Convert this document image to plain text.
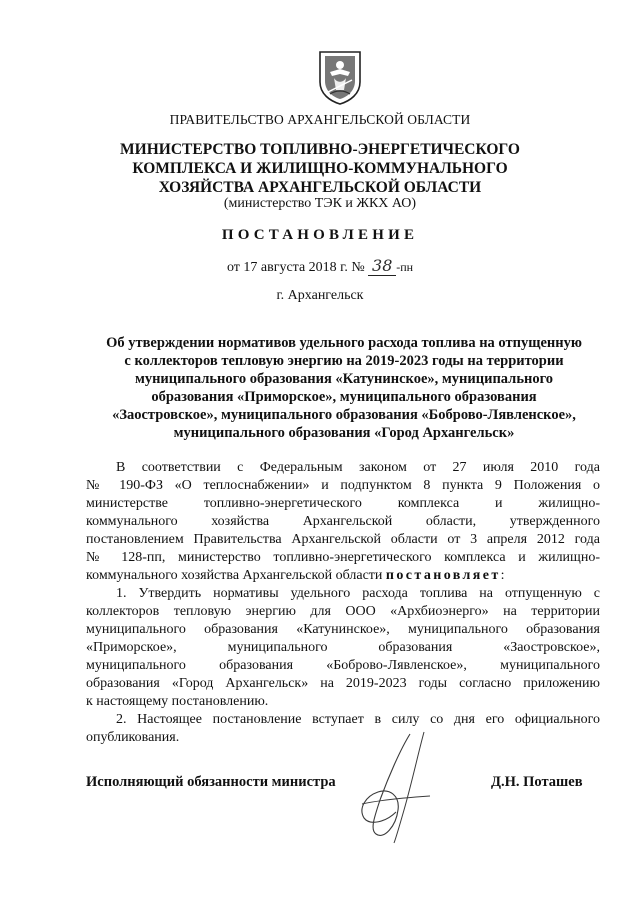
ПРАВИТЕЛЬСТВО АРХАНГЕЛЬСКОЙ ОБЛАСТИ
МИНИСТЕРСТВО ТОПЛИВНО-ЭНЕРГЕТИЧЕСКОГО
КОМПЛЕКСА И ЖИЛИЩНО-КОММУНАЛЬНОГО
ХОЗЯЙСТВА АРХАНГЕЛЬСКОЙ ОБЛАСТИ
(министерство ТЭК и ЖКХ АО)
ПОСТАНОВЛЕНИЕ
от 17 августа 2018 г. № 38 -пн
г. Архангельск
Об утверждении нормативов удельного расхода топлива на отпущенную
с коллекторов тепловую энергию на 2019-2023 годы на территории
муниципального образования «Катунинское», муниципального
образования «Приморское», муниципального образования
«Заостровское», муниципального образования «Боброво-Лявленское»,
муниципального образования «Город Архангельск»
В соответствии с Федеральным законом от 27 июля 2010 года
№ 190-ФЗ «О теплоснабжении» и подпунктом 8 пункта 9 Положения о
министерстве топливно-энергетического комплекса и жилищно-
коммунального хозяйства Архангельской области, утвержденного
постановлением Правительства Архангельской области от 3 апреля 2012 года
№ 128-пп, министерство топливно-энергетического комплекса и жилищно-
коммунального хозяйства Архангельской области постановляет:
1. Утвердить нормативы удельного расхода топлива на отпущенную с
коллекторов тепловую энергию для ООО «Архбиоэнерго» на территории
муниципального образования «Катунинское», муниципального образования
«Приморское», муниципального образования «Заостровское»,
муниципального образования «Боброво-Лявленское», муниципального
образования «Город Архангельск» на 2019-2023 годы согласно приложению
к настоящему постановлению.
2. Настоящее постановление вступает в силу со дня его официального
опубликования.
Исполняющий обязанности министра	Д.Н. Поташев
